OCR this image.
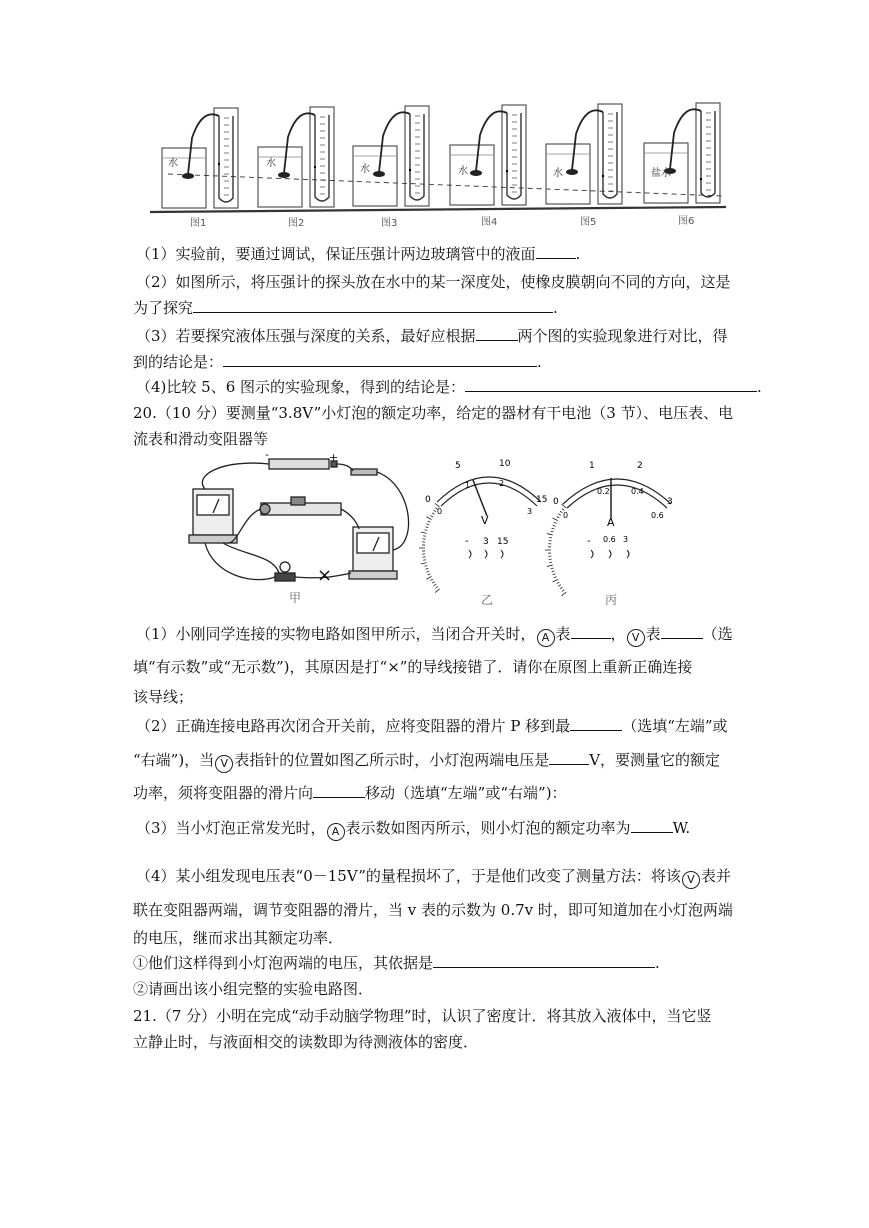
图1	图2	图3	图4	图5	图6
水	水
水	水	水	盐水
（1）实验前，要通过调试，保证压强计两边玻璃管中的液面	.
（2）如图所示，将压强计的探头放在水中的某一深度处，使橡皮膜朝向不同的方向，这是
为了探究	.
（3）若要探究液体压强与深度的关系，最好应根据	两个图的实验现象进行对比，得
到的结论是：	.
（4)比较 5、6 图示的实验现象，得到的结论是：	.
20.（10 分）要测量“3.8V”小灯泡的额定功率，给定的器材有干电池（3 节）、电压表、电
流表和滑动变阻器等
×
+
-
甲
5	10
0	15
0
1	2
3
V
- 3 15
乙
1	2
0	3
0.2	0.4
0	0.6
A
- 0.6 3
丙
（1）小刚同学连接的实物电路如图甲所示，当闭合开关时， A 表	， V 表	（选
填“有示数”或“无示数”)，其原因是打“×”的导线接错了．请你在原图上重新正确连接
该导线；
（2）正确连接电路再次闭合开关前，应将变阻器的滑片 P 移到最	（选填“左端”或
“右端”)，当 V 表指针的位置如图乙所示时，小灯泡两端电压是	V，要测量它的额定
功率，须将变阻器的滑片向	移动（选填“左端”或“右端”)：
（3）当小灯泡正常发光时， A 表示数如图丙所示，则小灯泡的额定功率为	W.
（4）某小组发现电压表“0－15V”的量程损坏了，于是他们改变了测量方法：将该 V 表并
联在变阻器两端，调节变阻器的滑片，当 v 表的示数为 0.7v 时，即可知道加在小灯泡两端
的电压，继而求出其额定功率．
①他们这样得到小灯泡两端的电压，其依据是	.
②请画出该小组完整的实验电路图．
21.（7 分）小明在完成“动手动脑学物理”时，认识了密度计．将其放入液体中，当它竖
立静止时，与液面相交的读数即为待测液体的密度．
